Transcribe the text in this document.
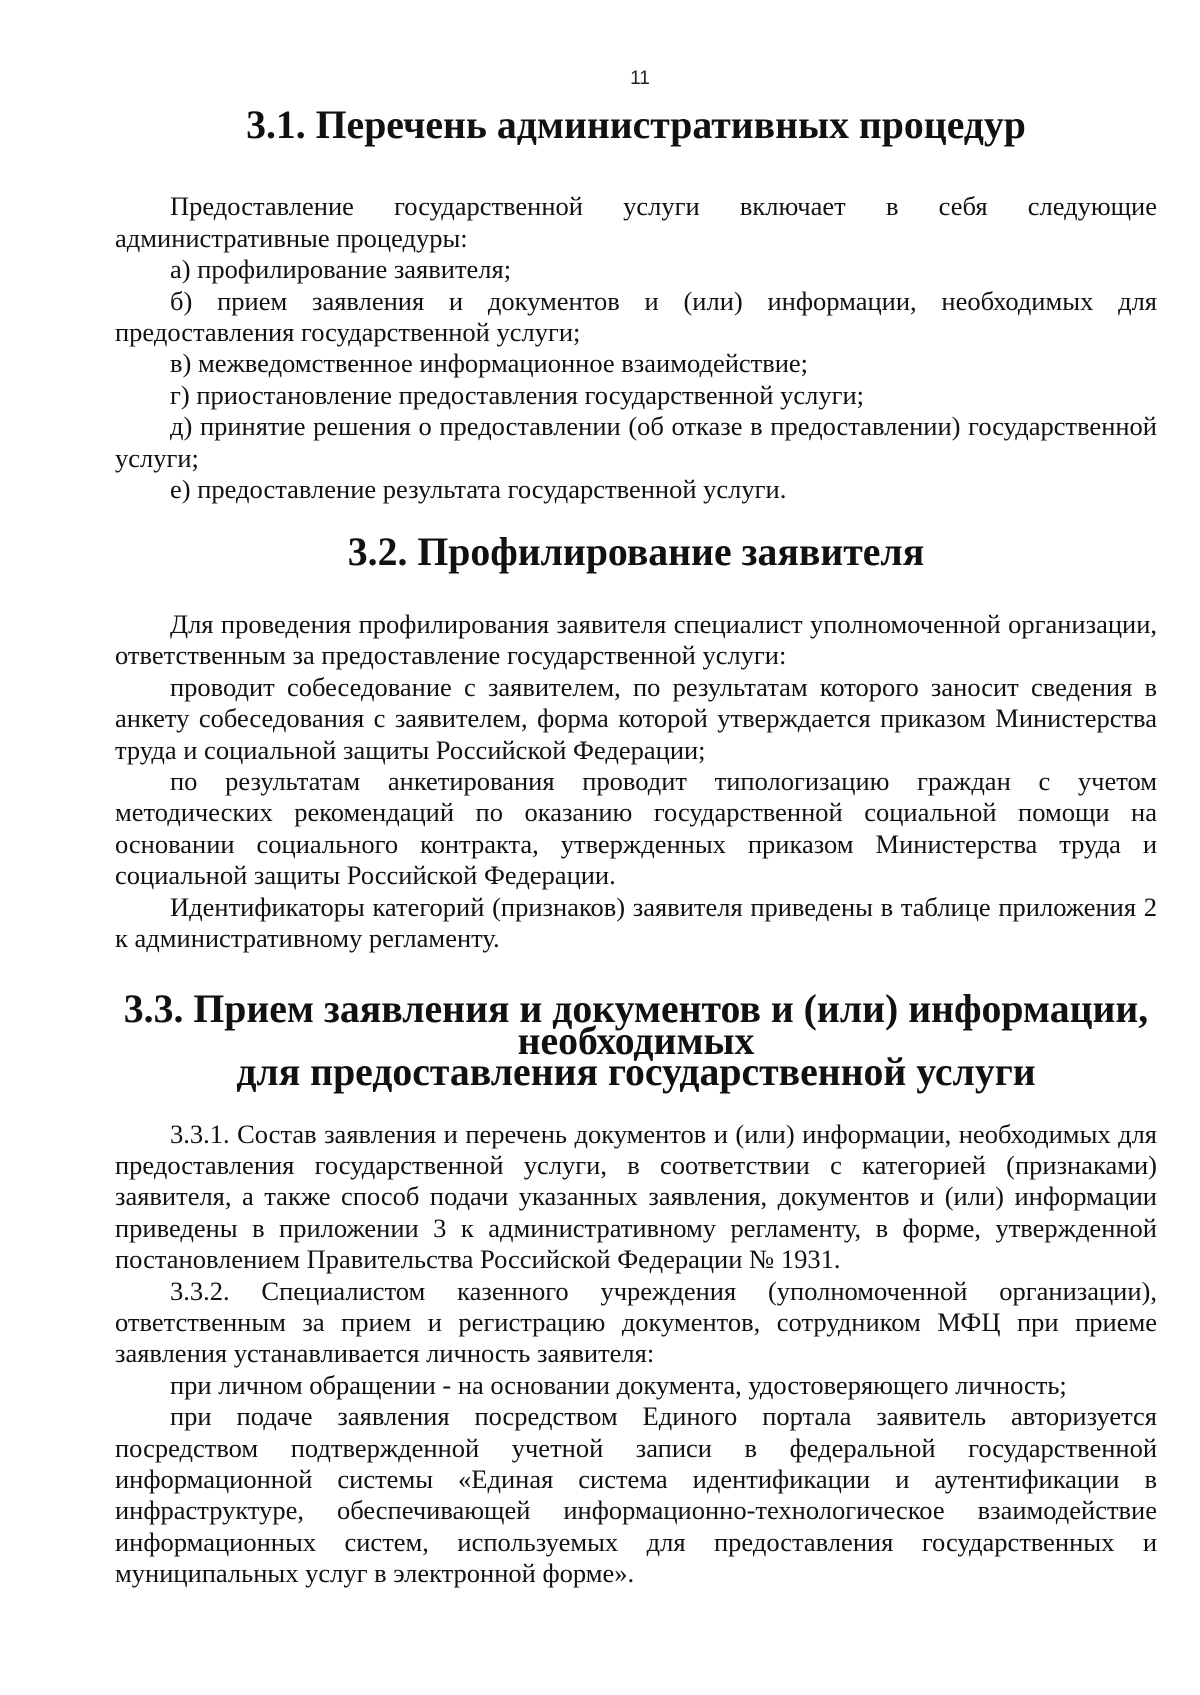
11
3.1. Перечень административных процедур

Предоставление государственной услуги включает в себя следующие административные процедуры:

а) профилирование заявителя;

б) прием заявления и документов и (или) информации, необходимых для предоставления государственной услуги;

в) межведомственное информационное взаимодействие;

г) приостановление предоставления государственной услуги;

д) принятие решения о предоставлении (об отказе в предоставлении) государственной услуги;

е) предоставление результата государственной услуги.

3.2. Профилирование заявителя

Для проведения профилирования заявителя специалист уполномоченной организации, ответственным за предоставление государственной услуги:

проводит собеседование с заявителем, по результатам которого заносит сведения в анкету собеседования с заявителем, форма которой утверждается приказом Министерства труда и социальной защиты Российской Федерации;

по результатам анкетирования проводит типологизацию граждан с учетом методических рекомендаций по оказанию государственной социальной помощи на основании социального контракта, утвержденных приказом Министерства труда и социальной защиты Российской Федерации.

Идентификаторы категорий (признаков) заявителя приведены в таблице приложения 2 к административному регламенту.

3.3. Прием заявления и документов и (или) информации, необходимых
для предоставления государственной услуги

3.3.1. Состав заявления и перечень документов и (или) информации, необходимых для предоставления государственной услуги, в соответствии с категорией (признаками) заявителя, а также способ подачи указанных заявления, документов и (или) информации приведены в приложении 3 к административному регламенту, в форме, утвержденной постановлением Правительства Российской Федерации № 1931.

3.3.2. Специалистом казенного учреждения (уполномоченной организации), ответственным за прием и регистрацию документов, сотрудником МФЦ при приеме заявления устанавливается личность заявителя:

при личном обращении - на основании документа, удостоверяющего личность;

при подаче заявления посредством Единого портала заявитель авторизуется посредством подтвержденной учетной записи в федеральной государственной информационной системы «Единая система идентификации и аутентификации в инфраструктуре, обеспечивающей информационно-технологическое взаимодействие информационных систем, используемых для предоставления государственных и муниципальных услуг в электронной форме».
